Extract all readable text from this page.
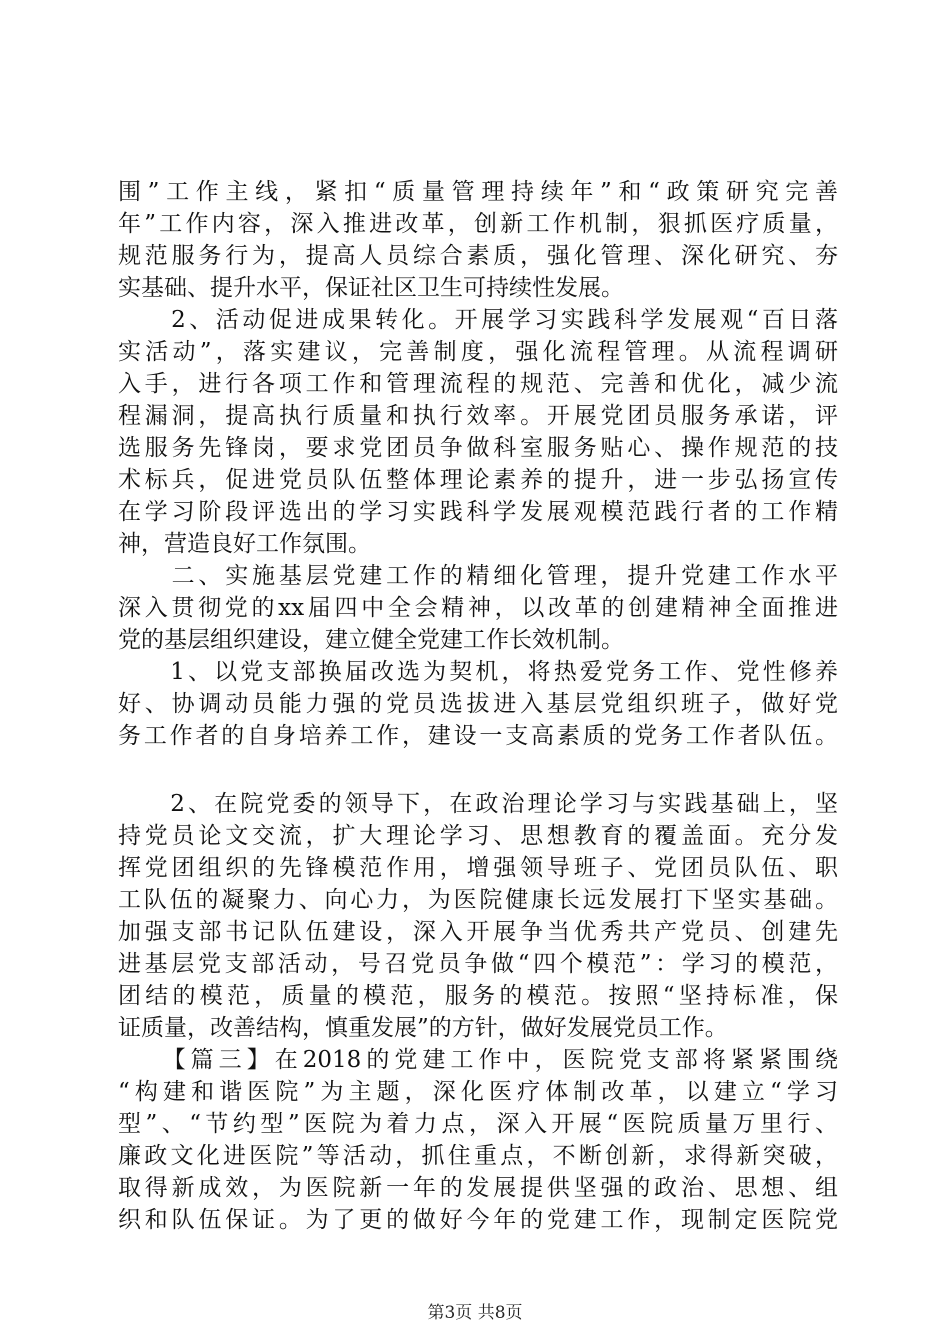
围”工作主线，紧扣“质量管理持续年”和“政策研究完善
年”工作内容，深入推进改革，创新工作机制，狠抓医疗质量，
规范服务行为，提高人员综合素质，强化管理、深化研究、夯
实基础、提升水平，保证社区卫生可持续性发展。
　　2、活动促进成果转化。开展学习实践科学发展观“百日落
实活动”，落实建议，完善制度，强化流程管理。从流程调研
入手，进行各项工作和管理流程的规范、完善和优化，减少流
程漏洞，提高执行质量和执行效率。开展党团员服务承诺，评
选服务先锋岗，要求党团员争做科室服务贴心、操作规范的技
术标兵，促进党员队伍整体理论素养的提升，进一步弘扬宣传
在学习阶段评选出的学习实践科学发展观模范践行者的工作精
神，营造良好工作氛围。
　　二、实施基层党建工作的精细化管理，提升党建工作水平
深入贯彻党的xx届四中全会精神，以改革的创建精神全面推进
党的基层组织建设，建立健全党建工作长效机制。
　　1、以党支部换届改选为契机，将热爱党务工作、党性修养
好、协调动员能力强的党员选拔进入基层党组织班子，做好党
务工作者的自身培养工作，建设一支高素质的党务工作者队伍。
　　2、在院党委的领导下，在政治理论学习与实践基础上，坚
持党员论文交流，扩大理论学习、思想教育的覆盖面。充分发
挥党团组织的先锋模范作用，增强领导班子、党团员队伍、职
工队伍的凝聚力、向心力，为医院健康长远发展打下坚实基础。
加强支部书记队伍建设，深入开展争当优秀共产党员、创建先
进基层党支部活动，号召党员争做“四个模范”：学习的模范，
团结的模范，质量的模范，服务的模范。按照“坚持标准，保
证质量，改善结构，慎重发展”的方针，做好发展党员工作。
　　【篇三】在2018的党建工作中，医院党支部将紧紧围绕
“构建和谐医院”为主题，深化医疗体制改革，以建立“学习
型”、“节约型”医院为着力点，深入开展“医院质量万里行、
廉政文化进医院”等活动，抓住重点，不断创新，求得新突破，
取得新成效，为医院新一年的发展提供坚强的政治、思想、组
织和队伍保证。为了更的做好今年的党建工作，现制定医院党
第3页 共8页
